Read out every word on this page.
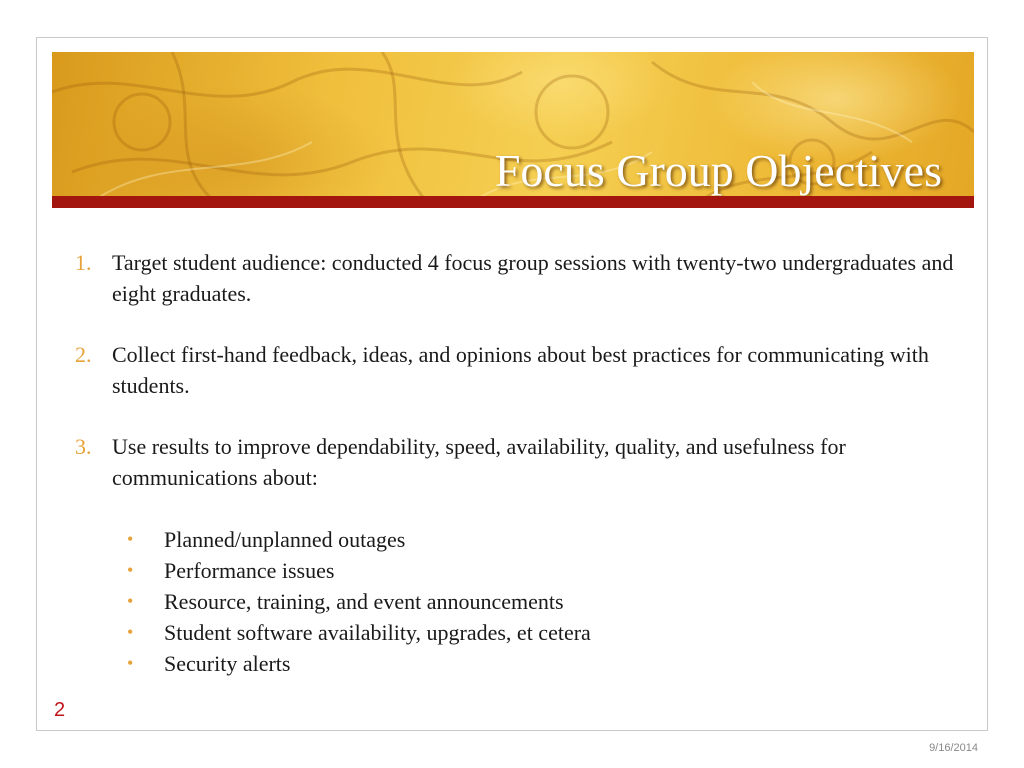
Focus Group Objectives
1. Target student audience: conducted 4 focus group sessions with twenty-two undergraduates and eight graduates.
2. Collect first-hand feedback, ideas, and opinions about best practices for communicating with students.
3. Use results to improve dependability, speed, availability, quality, and usefulness for communications about:
• Planned/unplanned outages
• Performance issues
• Resource, training, and event announcements
• Student software availability, upgrades, et cetera
• Security alerts
2
9/16/2014
